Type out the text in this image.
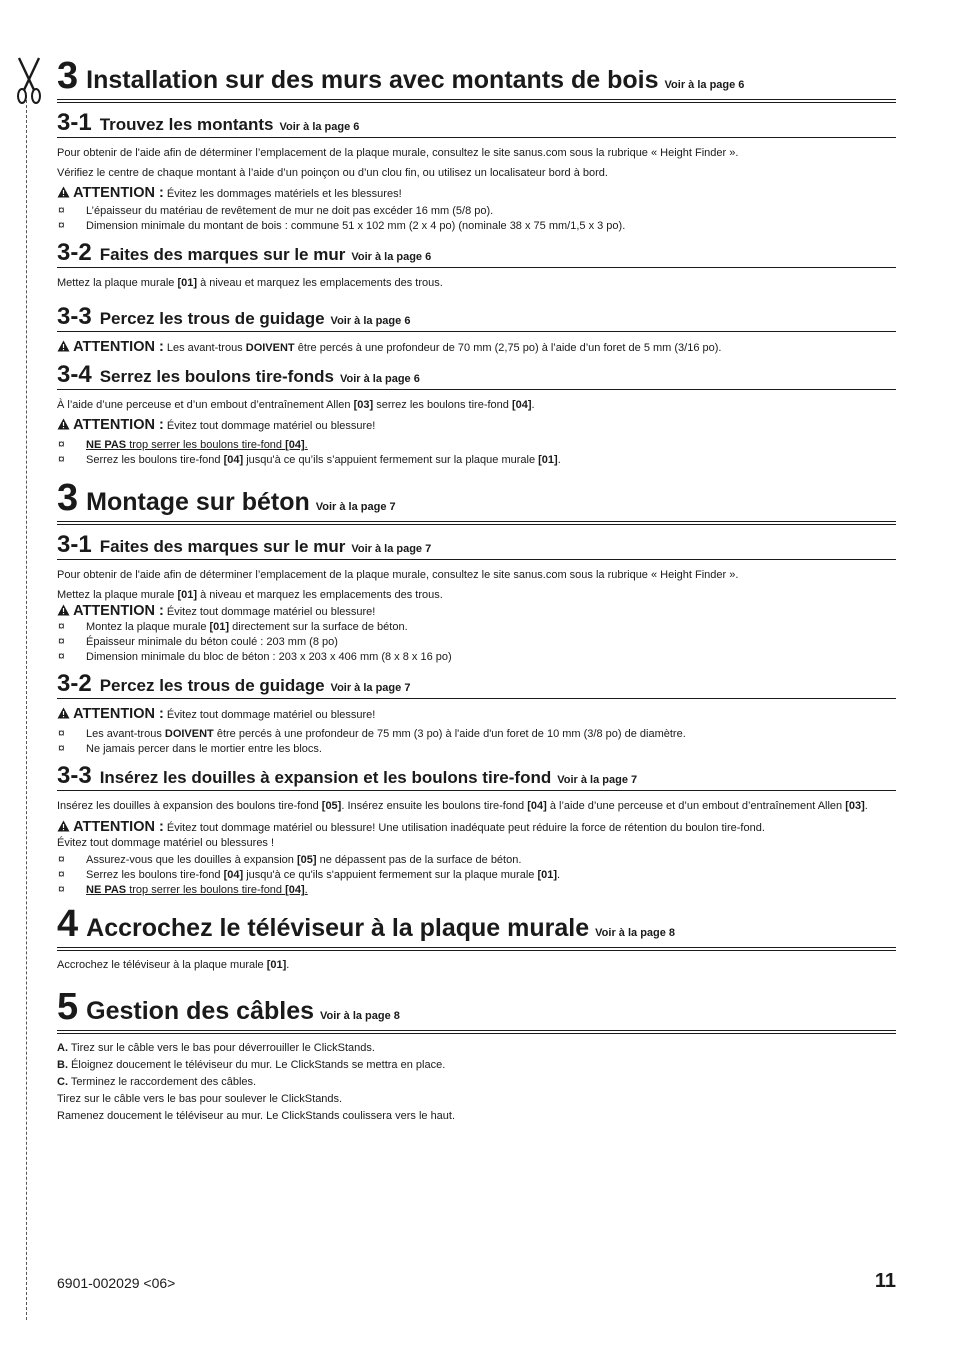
3 Installation sur des murs avec montants de bois Voir à la page 6
3-1 Trouvez les montants Voir à la page 6

Pour obtenir de l'aide afin de déterminer l’emplacement de la plaque murale, consultez le site sanus.com sous la rubrique « Height Finder ».

Vérifiez le centre de chaque montant à l’aide d’un poinçon ou d’un clou fin, ou utilisez un localisateur bord à bord.

ATTENTION : Évitez les dommages matériels et les blessures!
¤ L’épaisseur du matériau de revêtement de mur ne doit pas excéder 16 mm (5/8 po).
¤ Dimension minimale du montant de bois : commune 51 x 102 mm (2 x 4 po) (nominale 38 x 75 mm/1,5 x 3 po).
3-2 Faites des marques sur le mur Voir à la page 6

Mettez la plaque murale [01] à niveau et marquez les emplacements des trous.

3-3 Percez les trous de guidage Voir à la page 6
ATTENTION : Les avant-trous DOIVENT être percés à une profondeur de 70 mm (2,75 po) à l’aide d’un foret de 5 mm (3/16 po).
3-4 Serrez les boulons tire-fonds Voir à la page 6

À l’aide d’une perceuse et d’un embout d’entraînement Allen [03] serrez les boulons tire-fond [04].

ATTENTION : Évitez tout dommage matériel ou blessure!
¤ NE PAS trop serrer les boulons tire-fond [04].
¤ Serrez les boulons tire-fond [04] jusqu'à ce qu’ils s’appuient fermement sur la plaque murale [01].
3 Montage sur béton Voir à la page 7
3-1 Faites des marques sur le mur Voir à la page 7

Pour obtenir de l'aide afin de déterminer l’emplacement de la plaque murale, consultez le site sanus.com sous la rubrique « Height Finder ».

Mettez la plaque murale [01] à niveau et marquez les emplacements des trous.

ATTENTION : Évitez tout dommage matériel ou blessure!
¤ Montez la plaque murale [01] directement sur la surface de béton.
¤ Épaisseur minimale du béton coulé : 203 mm (8 po)
¤ Dimension minimale du bloc de béton : 203 x 203 x 406 mm (8 x 8 x 16 po)
3-2 Percez les trous de guidage Voir à la page 7
ATTENTION : Évitez tout dommage matériel ou blessure!
¤ Les avant-trous DOIVENT être percés à une profondeur de 75 mm (3 po) à l'aide d'un foret de 10 mm (3/8 po) de diamètre.
¤ Ne jamais percer dans le mortier entre les blocs.
3-3 Insérez les douilles à expansion et les boulons tire-fond Voir à la page 7

Insérez les douilles à expansion des boulons tire-fond [05]. Insérez ensuite les boulons tire-fond [04] à l’aide d’une perceuse et d’un embout d’entraînement Allen [03].

ATTENTION : Évitez tout dommage matériel ou blessure! Une utilisation inadéquate peut réduire la force de rétention du boulon tire-fond.
Évitez tout dommage matériel ou blessures !
¤ Assurez-vous que les douilles à expansion [05] ne dépassent pas de la surface de béton.
¤ Serrez les boulons tire-fond [04] jusqu'à ce qu'ils s'appuient fermement sur la plaque murale [01].
¤ NE PAS trop serrer les boulons tire-fond [04].
4 Accrochez le téléviseur à la plaque murale Voir à la page 8

Accrochez le téléviseur à la plaque murale [01].

5 Gestion des câbles Voir à la page 8

A. Tirez sur le câble vers le bas pour déverrouiller le ClickStands.

B. Éloignez doucement le téléviseur du mur. Le ClickStands se mettra en place.

C. Terminez le raccordement des câbles.

Tirez sur le câble vers le bas pour soulever le ClickStands.

Ramenez doucement le téléviseur au mur. Le ClickStands coulissera vers le haut.

6901-002029 <06>	11
